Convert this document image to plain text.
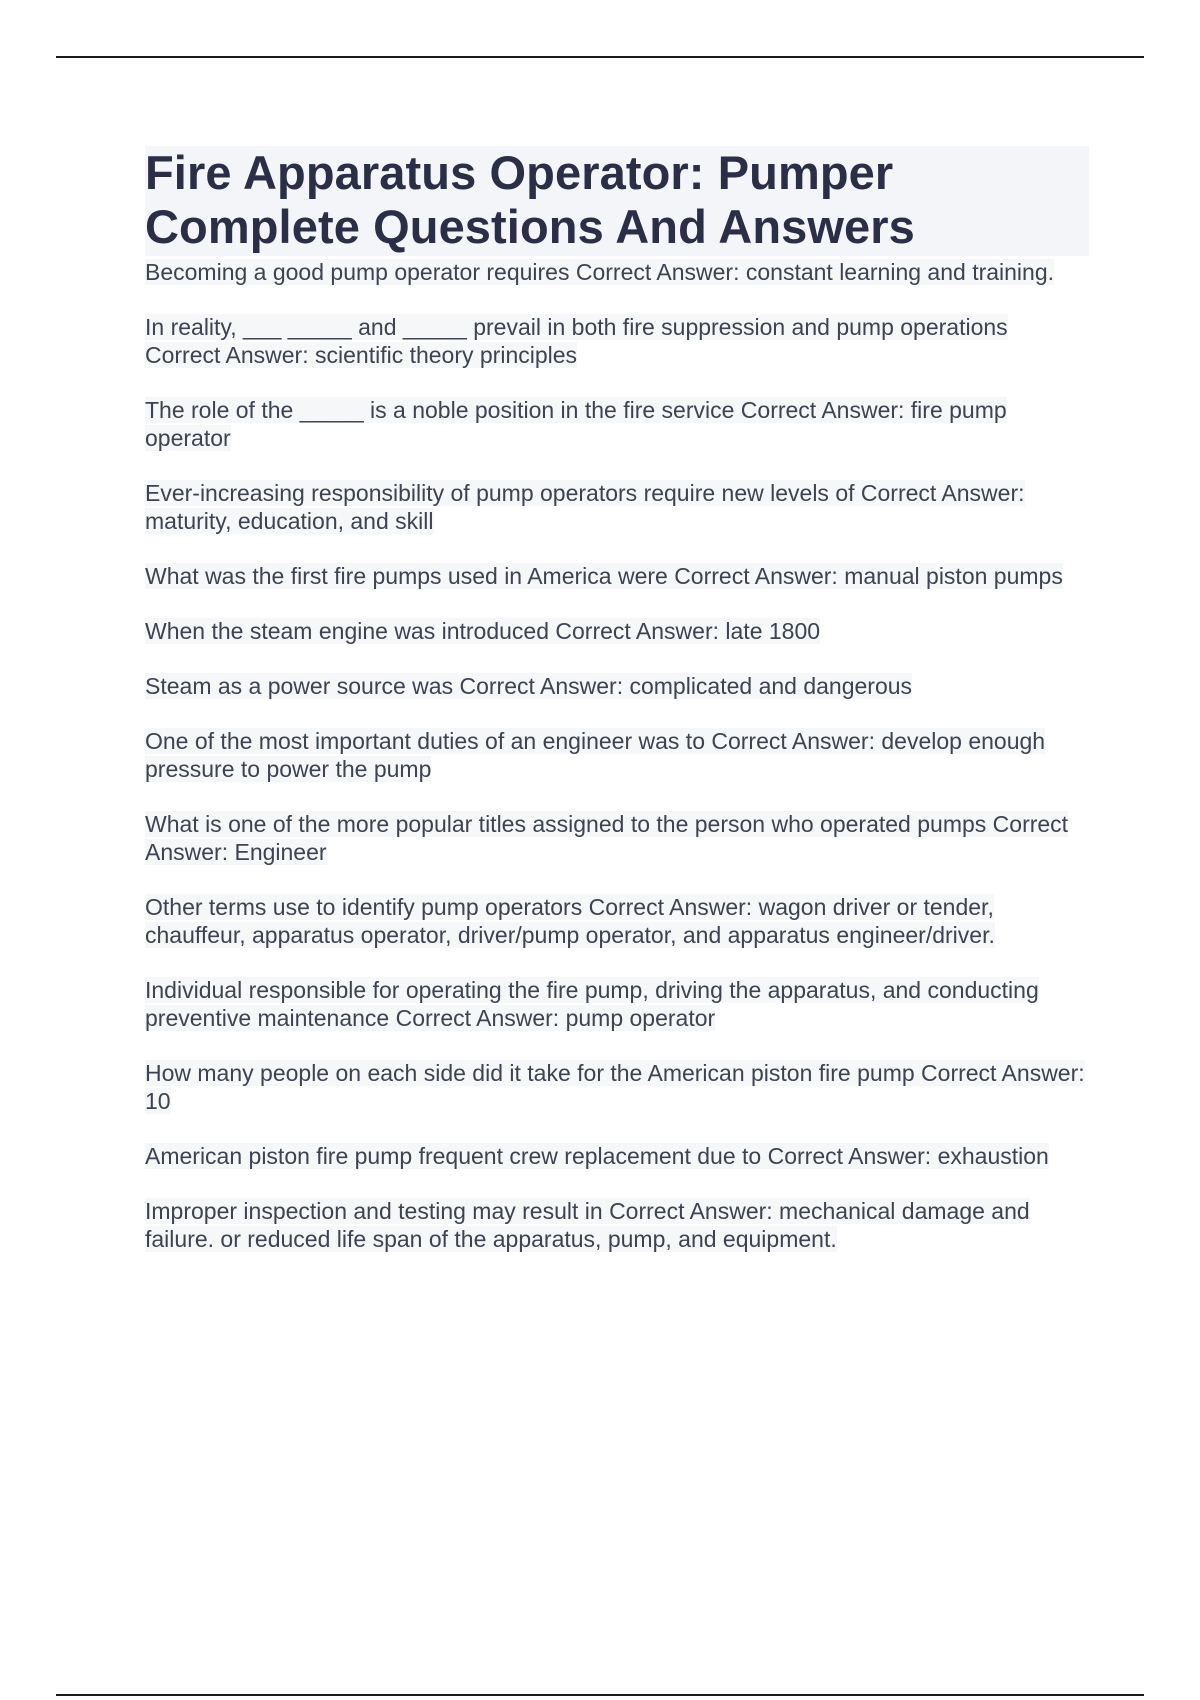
Fire Apparatus Operator: Pumper
Complete Questions And Answers
Becoming a good pump operator requires Correct Answer: constant learning and training.
In reality, ___ _____ and _____ prevail in both fire suppression and pump operations Correct Answer: scientific theory principles
The role of the _____ is a noble position in the fire service Correct Answer: fire pump operator
Ever-increasing responsibility of pump operators require new levels of Correct Answer: maturity, education, and skill
What was the first fire pumps used in America were Correct Answer: manual piston pumps
When the steam engine was introduced Correct Answer: late 1800
Steam as a power source was Correct Answer: complicated and dangerous
One of the most important duties of an engineer was to Correct Answer: develop enough pressure to power the pump
What is one of the more popular titles assigned to the person who operated pumps Correct Answer: Engineer
Other terms use to identify pump operators Correct Answer: wagon driver or tender, chauffeur, apparatus operator, driver/pump operator, and apparatus engineer/driver.
Individual responsible for operating the fire pump, driving the apparatus, and conducting preventive maintenance Correct Answer: pump operator
How many people on each side did it take for the American piston fire pump Correct Answer: 10
American piston fire pump frequent crew replacement due to Correct Answer: exhaustion
Improper inspection and testing may result in Correct Answer: mechanical damage and failure. or reduced life span of the apparatus, pump, and equipment.
